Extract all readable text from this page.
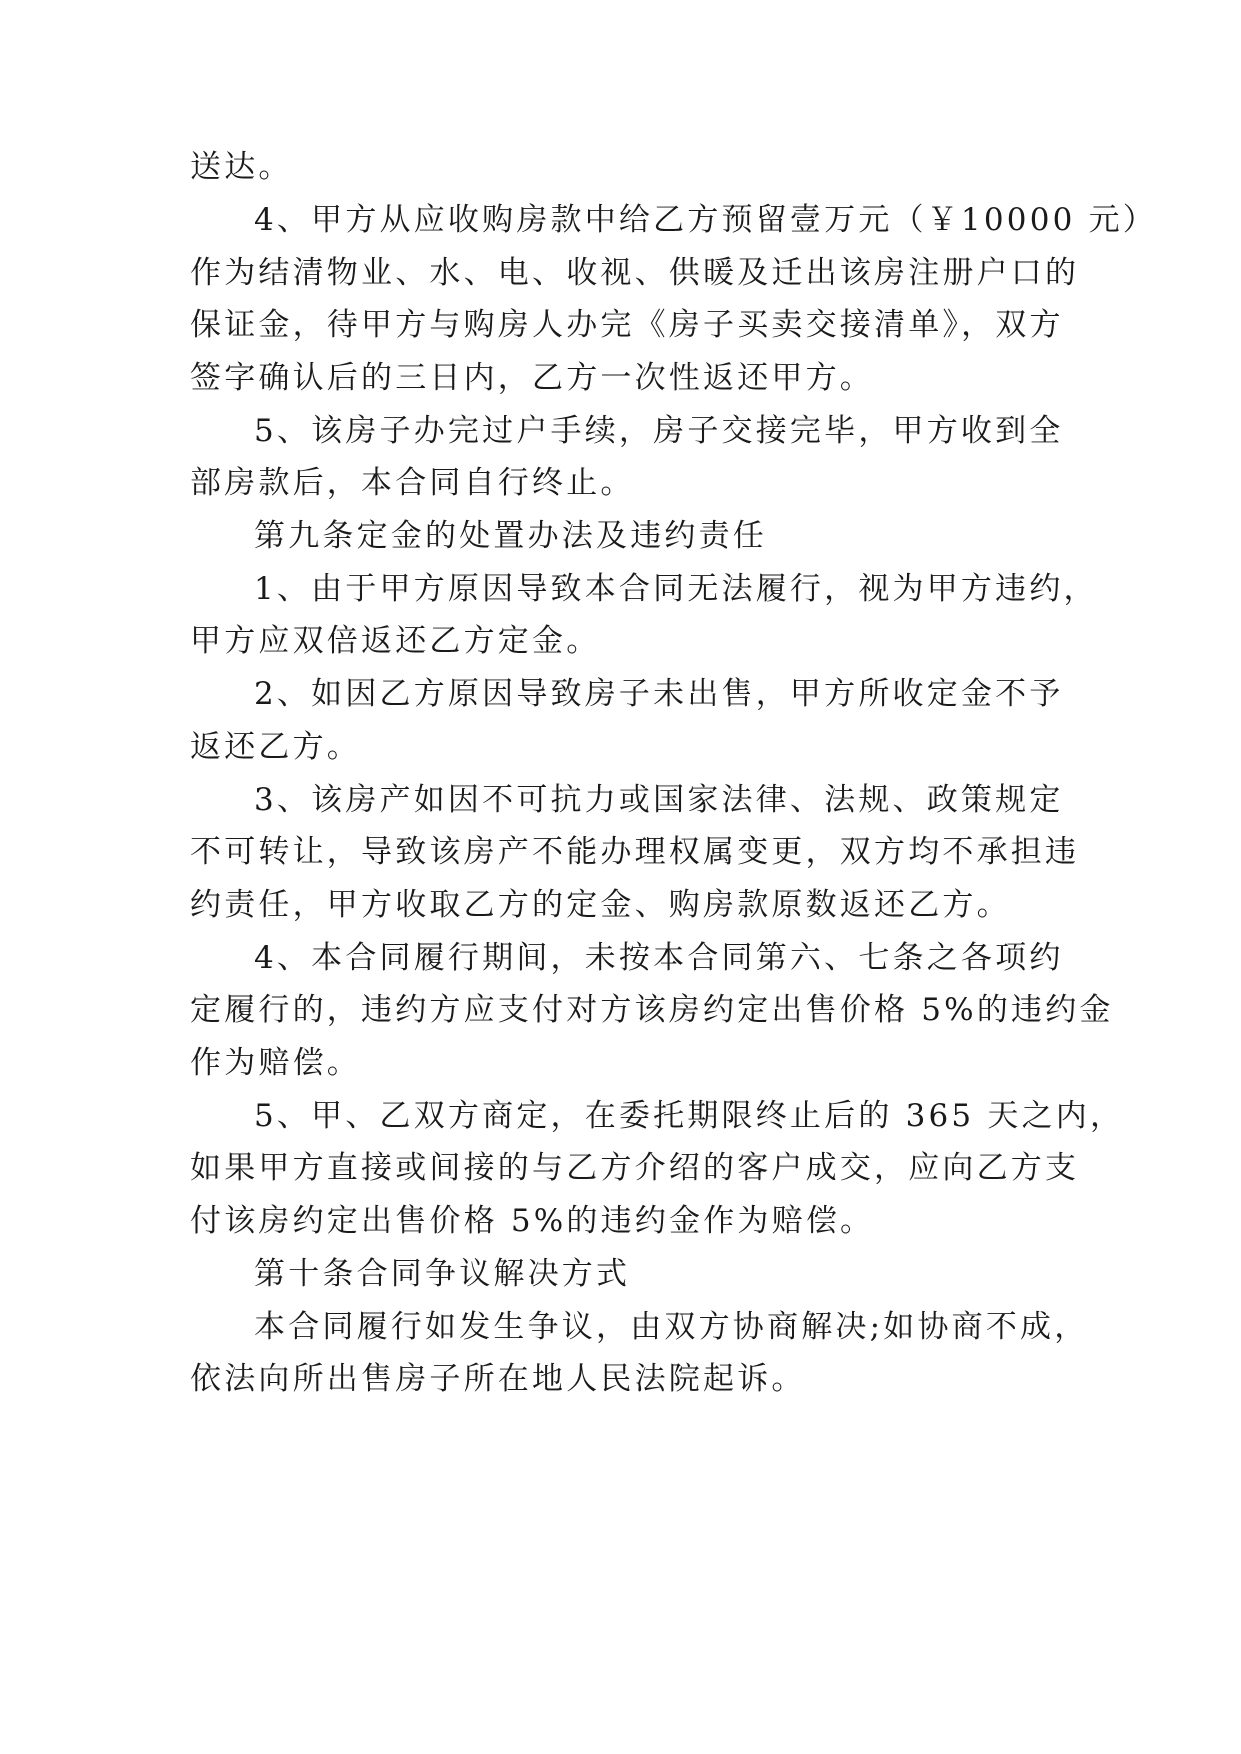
送达。
4、甲方从应收购房款中给乙方预留壹万元（￥10000 元）
作为结清物业、水、电、收视、供暖及迁出该房注册户口的
保证金，待甲方与购房人办完《房子买卖交接清单》，双方
签字确认后的三日内，乙方一次性返还甲方。
5、该房子办完过户手续，房子交接完毕，甲方收到全
部房款后，本合同自行终止。
第九条定金的处置办法及违约责任
1、由于甲方原因导致本合同无法履行，视为甲方违约，
甲方应双倍返还乙方定金。
2、如因乙方原因导致房子未出售，甲方所收定金不予
返还乙方。
3、该房产如因不可抗力或国家法律、法规、政策规定
不可转让，导致该房产不能办理权属变更，双方均不承担违
约责任，甲方收取乙方的定金、购房款原数返还乙方。
4、本合同履行期间，未按本合同第六、七条之各项约
定履行的，违约方应支付对方该房约定出售价格 5%的违约金
作为赔偿。
5、甲、乙双方商定，在委托期限终止后的 365 天之内，
如果甲方直接或间接的与乙方介绍的客户成交，应向乙方支
付该房约定出售价格 5%的违约金作为赔偿。
第十条合同争议解决方式
本合同履行如发生争议，由双方协商解决;如协商不成，
依法向所出售房子所在地人民法院起诉。
